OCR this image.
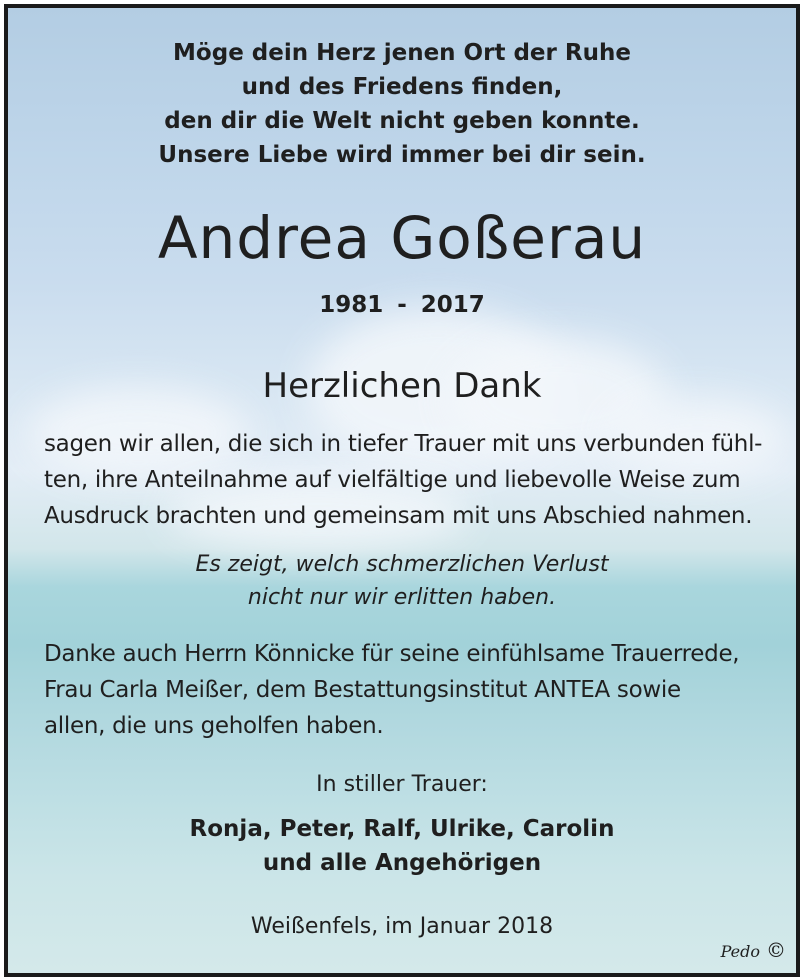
Möge dein Herz jenen Ort der Ruhe
und des Friedens finden,
den dir die Welt nicht geben konnte.
Unsere Liebe wird immer bei dir sein.
Andrea Goßerau
1981 - 2017
Herzlichen Dank
sagen wir allen, die sich in tiefer Trauer mit uns verbunden fühl-
ten, ihre Anteilnahme auf vielfältige und liebevolle Weise zum
Ausdruck brachten und gemeinsam mit uns Abschied nahmen.
Es zeigt, welch schmerzlichen Verlust
nicht nur wir erlitten haben.
Danke auch Herrn Könnicke für seine einfühlsame Trauerrede,
Frau Carla Meißer, dem Bestattungsinstitut ANTEA sowie
allen, die uns geholfen haben.
In stiller Trauer:
Ronja, Peter, Ralf, Ulrike, Carolin
und alle Angehörigen
Weißenfels, im Januar 2018
Pedo ©
